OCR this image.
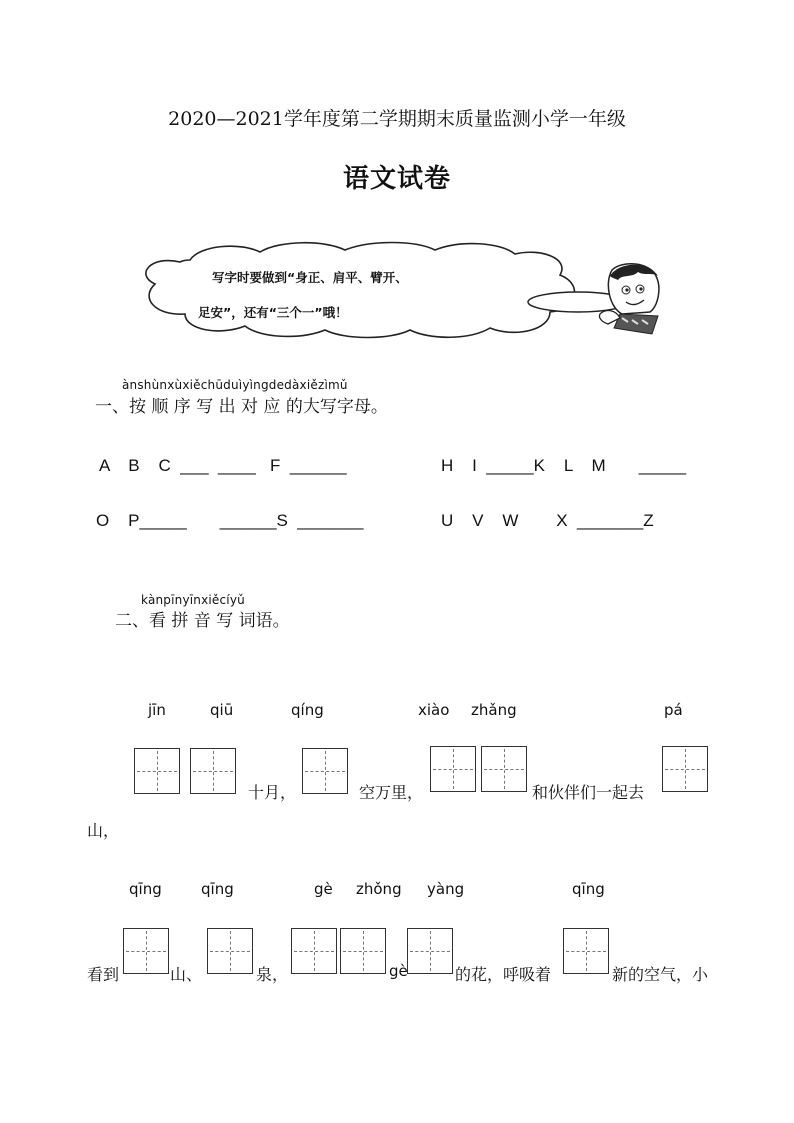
2020—2021学年度第二学期期末质量监测小学一年级
语文试卷
写字时要做到“身正、肩平、臂开、
足安”，还有“三个一”哦！
ànshùnxùxiěchūduìyìngdedàxiězìmǔ
一、按 顺 序 写 出 对 应 的大写字母。
A    B    C  ___  ____   F  ______	H    I  _____K    L    M       _____
O    P_____       ______S  _______	U    V    W        X  _______Z
kànpīnyīnxiěcíyǔ
二、看 拼 音 写 词语。
jīn	qiū	qíng	xiào zhǎng	pá
十月，	空万里，	和伙伴们一起去
山，
qīng	qīng	gè zhǒng yàng	qīng
看到	山、	泉，	gè	的花，呼吸着	新的空气，小
